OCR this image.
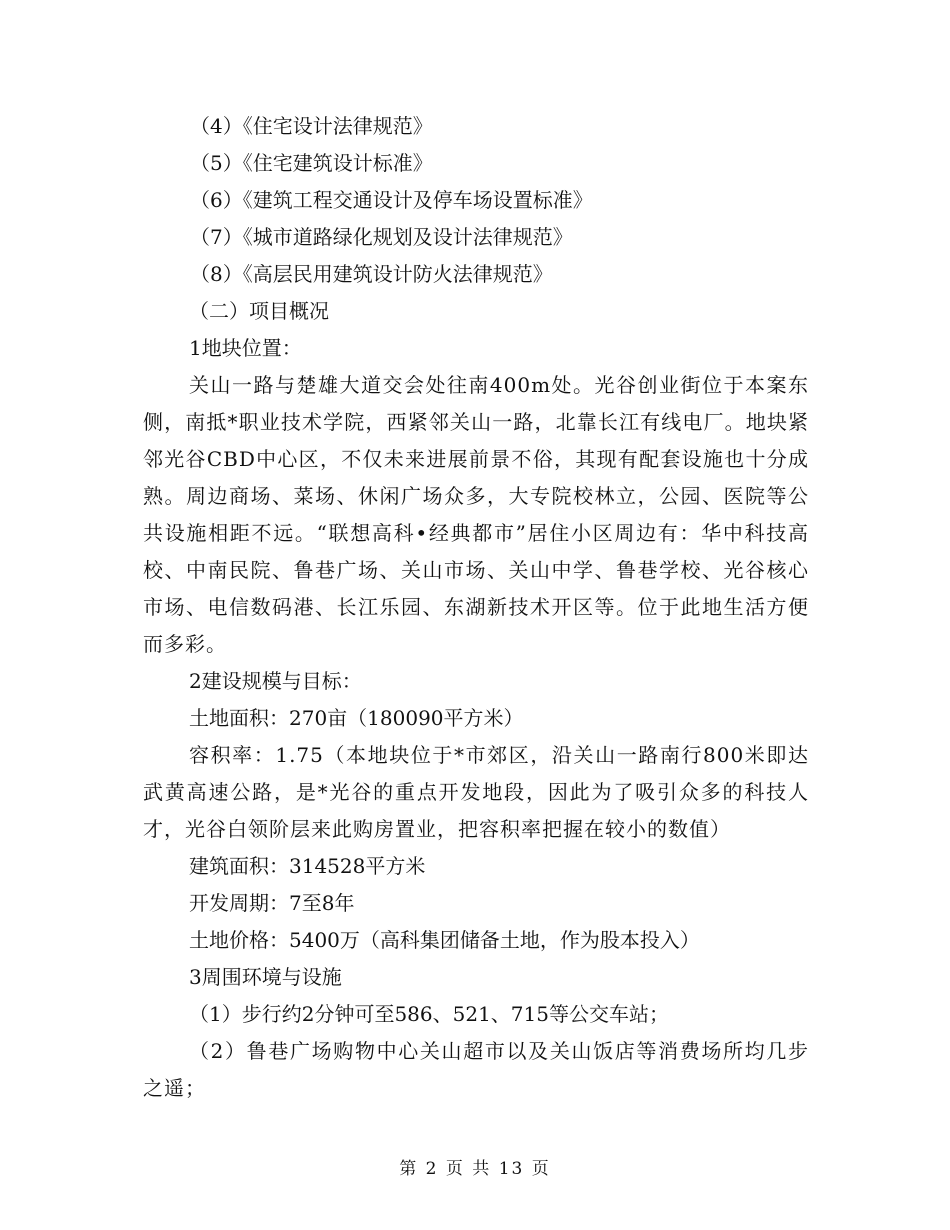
（4）《住宅设计法律规范》
（5）《住宅建筑设计标准》
（6）《建筑工程交通设计及停车场设置标准》
（7）《城市道路绿化规划及设计法律规范》
（8）《高层民用建筑设计防火法律规范》
（二）项目概况
1地块位置：

关山一路与楚雄大道交会处往南400m处。光谷创业街位于本案东侧，南抵*职业技术学院，西紧邻关山一路，北靠长江有线电厂。地块紧邻光谷CBD中心区，不仅未来进展前景不俗，其现有配套设施也十分成熟。周边商场、菜场、休闲广场众多，大专院校林立，公园、医院等公共设施相距不远。“联想高科•经典都市”居住小区周边有：华中科技高校、中南民院、鲁巷广场、关山市场、关山中学、鲁巷学校、光谷核心市场、电信数码港、长江乐园、东湖新技术开区等。位于此地生活方便而多彩。

2建设规模与目标：
土地面积：270亩（180090平方米）

容积率：1.75（本地块位于*市郊区，沿关山一路南行800米即达武黄高速公路，是*光谷的重点开发地段，因此为了吸引众多的科技人才，光谷白领阶层来此购房置业，把容积率把握在较小的数值）

建筑面积：314528平方米
开发周期：7至8年
土地价格：5400万（高科集团储备土地，作为股本投入）
3周围环境与设施
（1）步行约2分钟可至586、521、715等公交车站；

（2）鲁巷广场购物中心关山超市以及关山饭店等消费场所均几步之遥；

第 2 页 共 13 页
